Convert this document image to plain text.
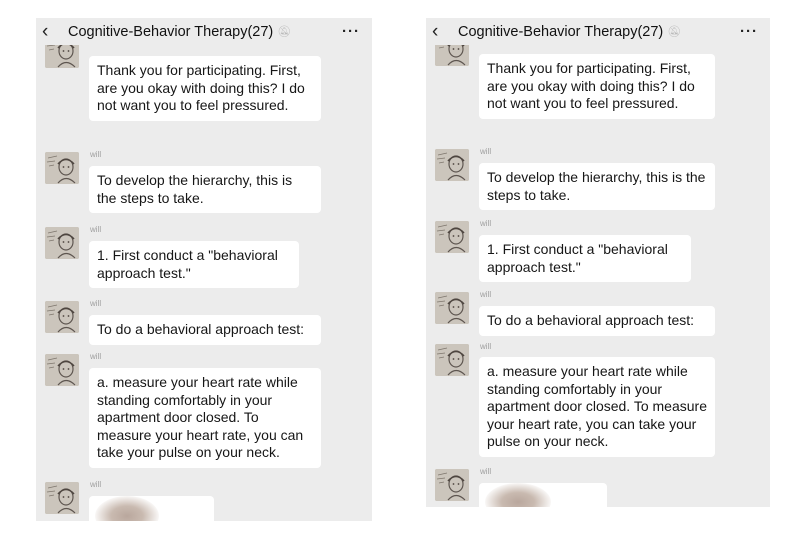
Thank you for participating. First, are you okay with doing this? I do not want you to feel pressured.
will
To develop the hierarchy, this is the steps to take.
will
1. First conduct a "behavioral approach test."
will
To do a behavioral approach test:
will
a. measure your heart rate while standing comfortably in your apartment door closed. To measure your heart rate, you can take your pulse on your neck.
will
‹	Cognitive-Behavior Therapy(27) 🔕︎	···
Thank you for participating. First, are you okay with doing this? I do not want you to feel pressured.
will
To develop the hierarchy, this is the steps to take.
will
1. First conduct a "behavioral approach test."
will
To do a behavioral approach test:
will
a. measure your heart rate while standing comfortably in your apartment door closed. To measure your heart rate, you can take your pulse on your neck.
will
‹	Cognitive-Behavior Therapy(27) 🔕︎	···
